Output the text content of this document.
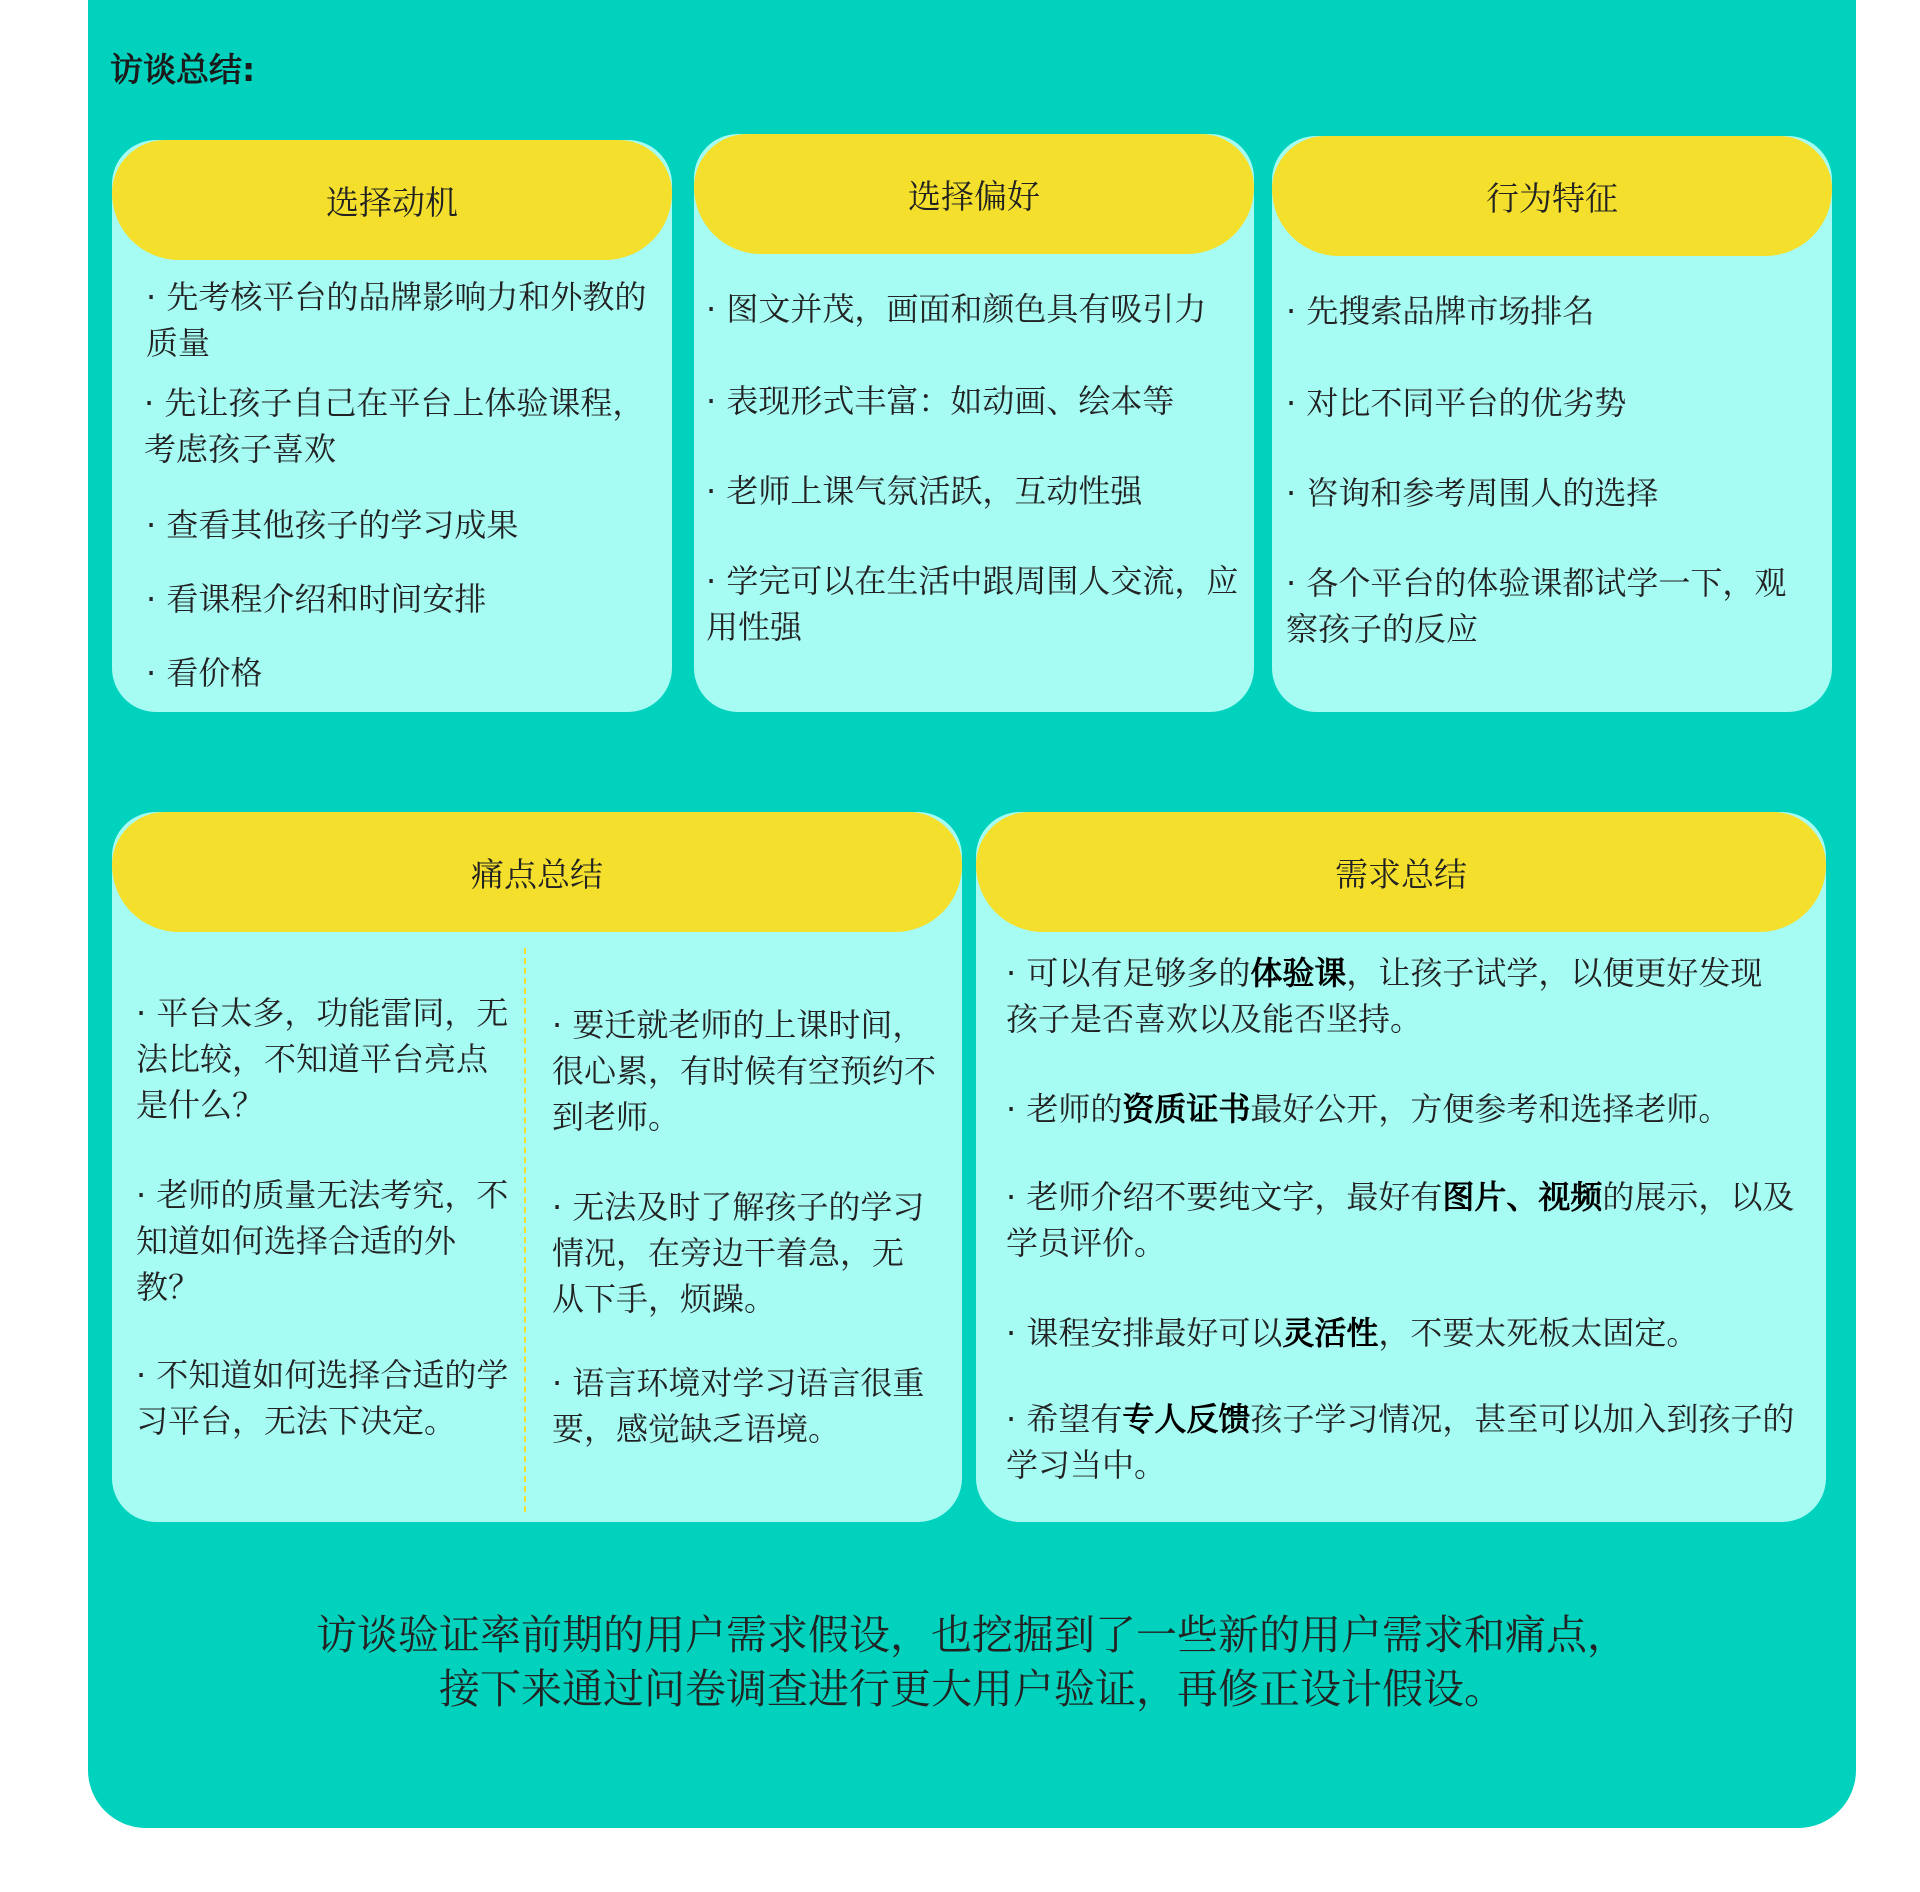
访谈总结:
选择动机
· 先考核平台的品牌影响力和外教的质量
· 先让孩子自己在平台上体验课程，考虑孩子喜欢
· 查看其他孩子的学习成果
· 看课程介绍和时间安排
· 看价格
选择偏好
· 图文并茂，画面和颜色具有吸引力
· 表现形式丰富：如动画、绘本等
· 老师上课气氛活跃，互动性强
· 学完可以在生活中跟周围人交流，应用性强
行为特征
· 先搜索品牌市场排名
· 对比不同平台的优劣势
· 咨询和参考周围人的选择
· 各个平台的体验课都试学一下，观察孩子的反应
痛点总结
· 平台太多，功能雷同，无法比较，不知道平台亮点是什么？
· 老师的质量无法考究，不知道如何选择合适的外教？
· 不知道如何选择合适的学习平台，无法下决定。
· 要迁就老师的上课时间，很心累，有时候有空预约不到老师。
· 无法及时了解孩子的学习情况，在旁边干着急，无从下手，烦躁。
· 语言环境对学习语言很重要，感觉缺乏语境。
需求总结
· 可以有足够多的体验课，让孩子试学，以便更好发现孩子是否喜欢以及能否坚持。
· 老师的资质证书最好公开，方便参考和选择老师。
· 老师介绍不要纯文字，最好有图片、视频的展示，以及学员评价。
· 课程安排最好可以灵活性，不要太死板太固定。
· 希望有专人反馈孩子学习情况，甚至可以加入到孩子的学习当中。
访谈验证率前期的用户需求假设，也挖掘到了一些新的用户需求和痛点，
接下来通过问卷调查进行更大用户验证，再修正设计假设。
